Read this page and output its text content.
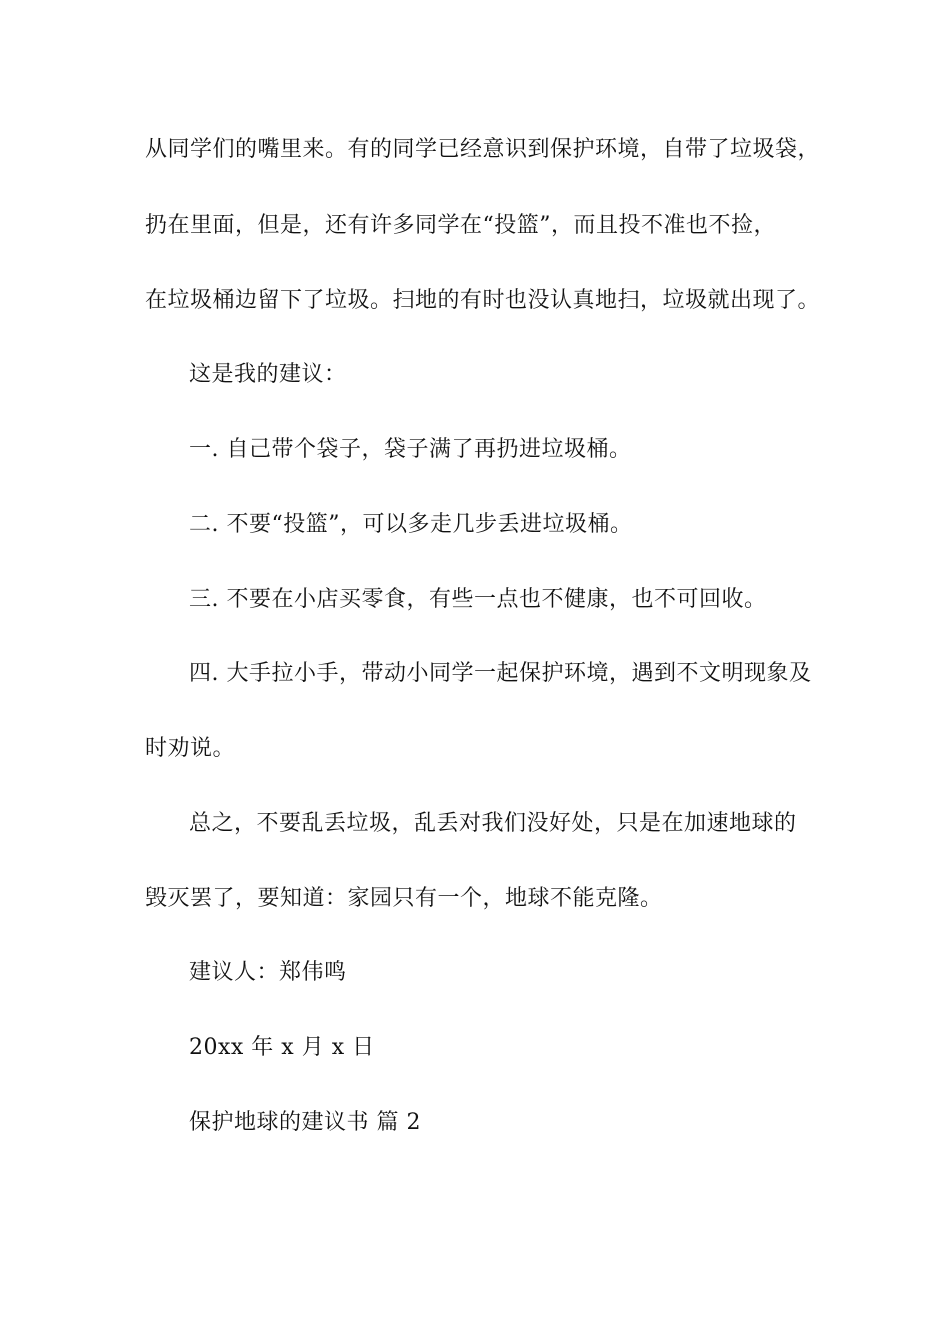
从同学们的嘴里来。有的同学已经意识到保护环境，自带了垃圾袋，
扔在里面，但是，还有许多同学在“投篮”，而且投不准也不捡，
在垃圾桶边留下了垃圾。扫地的有时也没认真地扫，垃圾就出现了。
这是我的建议：
一. 自己带个袋子，袋子满了再扔进垃圾桶。
二. 不要“投篮”，可以多走几步丢进垃圾桶。
三. 不要在小店买零食，有些一点也不健康，也不可回收。
四. 大手拉小手，带动小同学一起保护环境，遇到不文明现象及
时劝说。
总之，不要乱丢垃圾，乱丢对我们没好处，只是在加速地球的
毁灭罢了，要知道：家园只有一个，地球不能克隆。
建议人：郑伟鸣
20xx 年 x 月 x 日
保护地球的建议书 篇 2
